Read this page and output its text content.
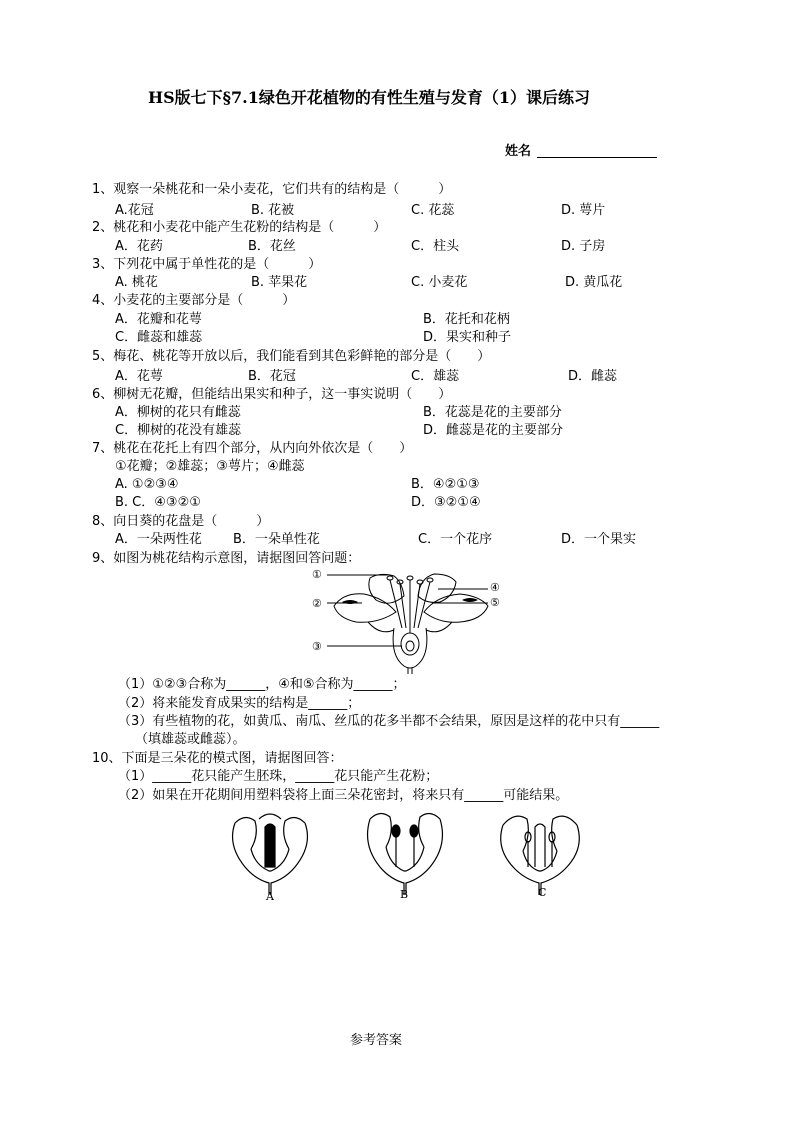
HS版七下§7.1绿色开花植物的有性生殖与发育（1）课后练习
姓名
1、观察一朵桃花和一朵小麦花，它们共有的结构是（　　　）
A.花冠	B. 花被	C. 花蕊	D. 萼片
2、桃花和小麦花中能产生花粉的结构是（　　　）
A．花药	B．花丝	C．柱头	D. 子房
3、下列花中属于单性花的是（　　　）
A. 桃花	B. 苹果花	C. 小麦花	D. 黄瓜花
4、小麦花的主要部分是（　　　）
A．花瓣和花萼	B．花托和花柄
C．雌蕊和雄蕊	D．果实和种子
5、梅花、桃花等开放以后，我们能看到其色彩鲜艳的部分是（　　）
A．花萼	B．花冠	C．雄蕊	D．雌蕊
6、柳树无花瓣，但能结出果实和种子，这一事实说明（　　）
A．柳树的花只有雌蕊	B．花蕊是花的主要部分
C．柳树的花没有雄蕊	D．雌蕊是花的主要部分
7、桃花在花托上有四个部分，从内向外依次是（　　）
①花瓣；②雄蕊；③萼片；④雌蕊
A. ①②③④	B．④②①③
B. C．④③②①	D．③②①④
8、向日葵的花盘是（　　　）
A．一朵两性花 B．一朵单性花	C．一个花序	D．一个果实
9、如图为桃花结构示意图，请据图回答问题：
①
②
③
④
⑤
（1）①②③合称为______，④和⑤合称为______；
（2）将来能发育成果实的结构是______；
（3）有些植物的花，如黄瓜、南瓜、丝瓜的花多半都不会结果，原因是这样的花中只有______
（填雄蕊或雌蕊）。
10、下面是三朵花的模式图，请据图回答：
（1）______花只能产生胚珠，______花只能产生花粉；
（2）如果在开花期间用塑料袋将上面三朵花密封，将来只有______可能结果。
A	B	C
参考答案
